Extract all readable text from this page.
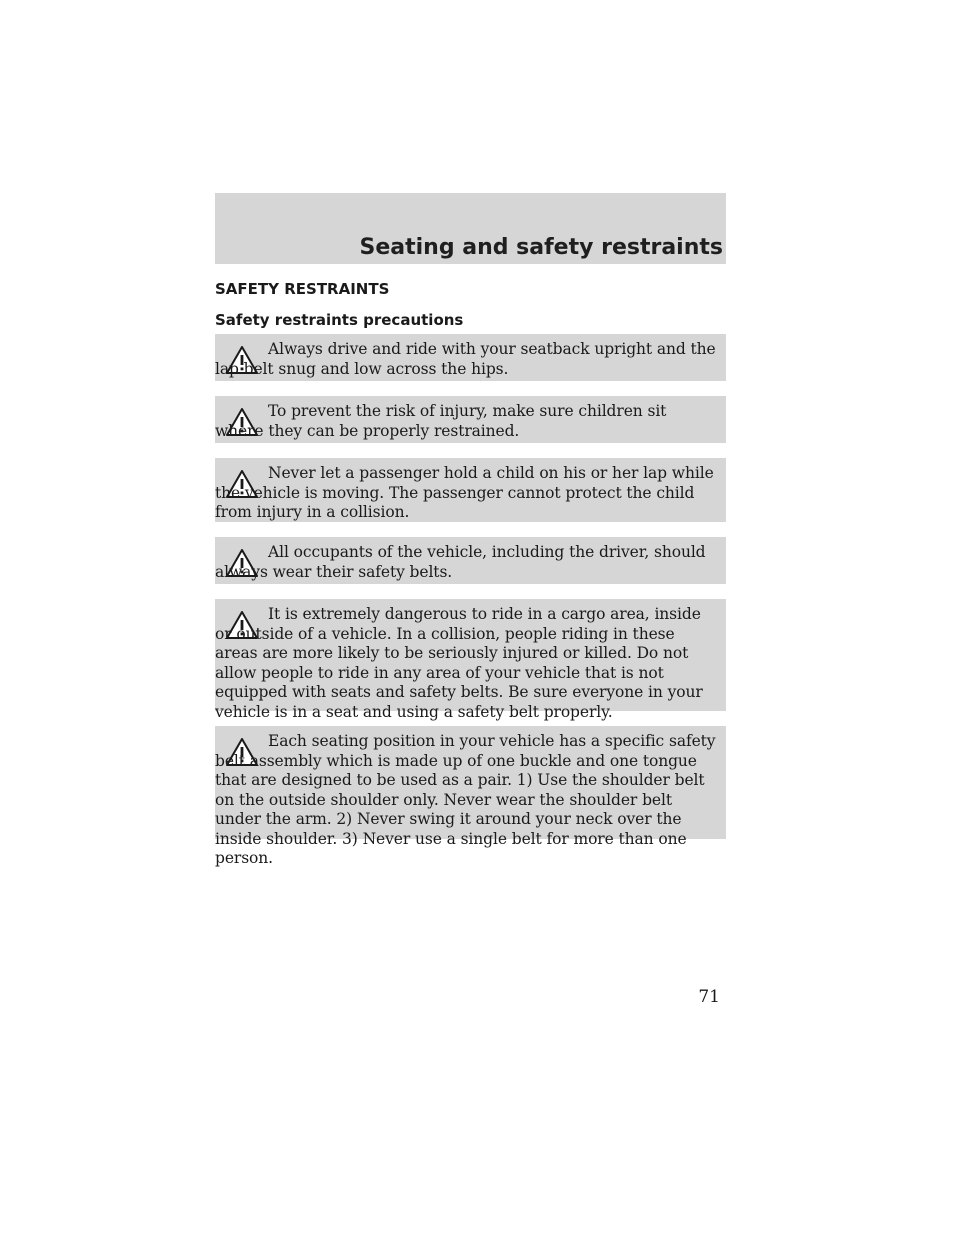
Seating and safety restraints
SAFETY RESTRAINTS
Safety restraints precautions
Always drive and ride with your seatback upright and the lap belt snug and low across the hips.
To prevent the risk of injury, make sure children sit where they can be properly restrained.
Never let a passenger hold a child on his or her lap while the vehicle is moving. The passenger cannot protect the child from injury in a collision.
All occupants of the vehicle, including the driver, should always wear their safety belts.
It is extremely dangerous to ride in a cargo area, inside or outside of a vehicle. In a collision, people riding in these areas are more likely to be seriously injured or killed. Do not allow people to ride in any area of your vehicle that is not equipped with seats and safety belts. Be sure everyone in your vehicle is in a seat and using a safety belt properly.
Each seating position in your vehicle has a specific safety belt assembly which is made up of one buckle and one tongue that are designed to be used as a pair. 1) Use the shoulder belt on the outside shoulder only. Never wear the shoulder belt under the arm. 2) Never swing it around your neck over the inside shoulder. 3) Never use a single belt for more than one person.
71
